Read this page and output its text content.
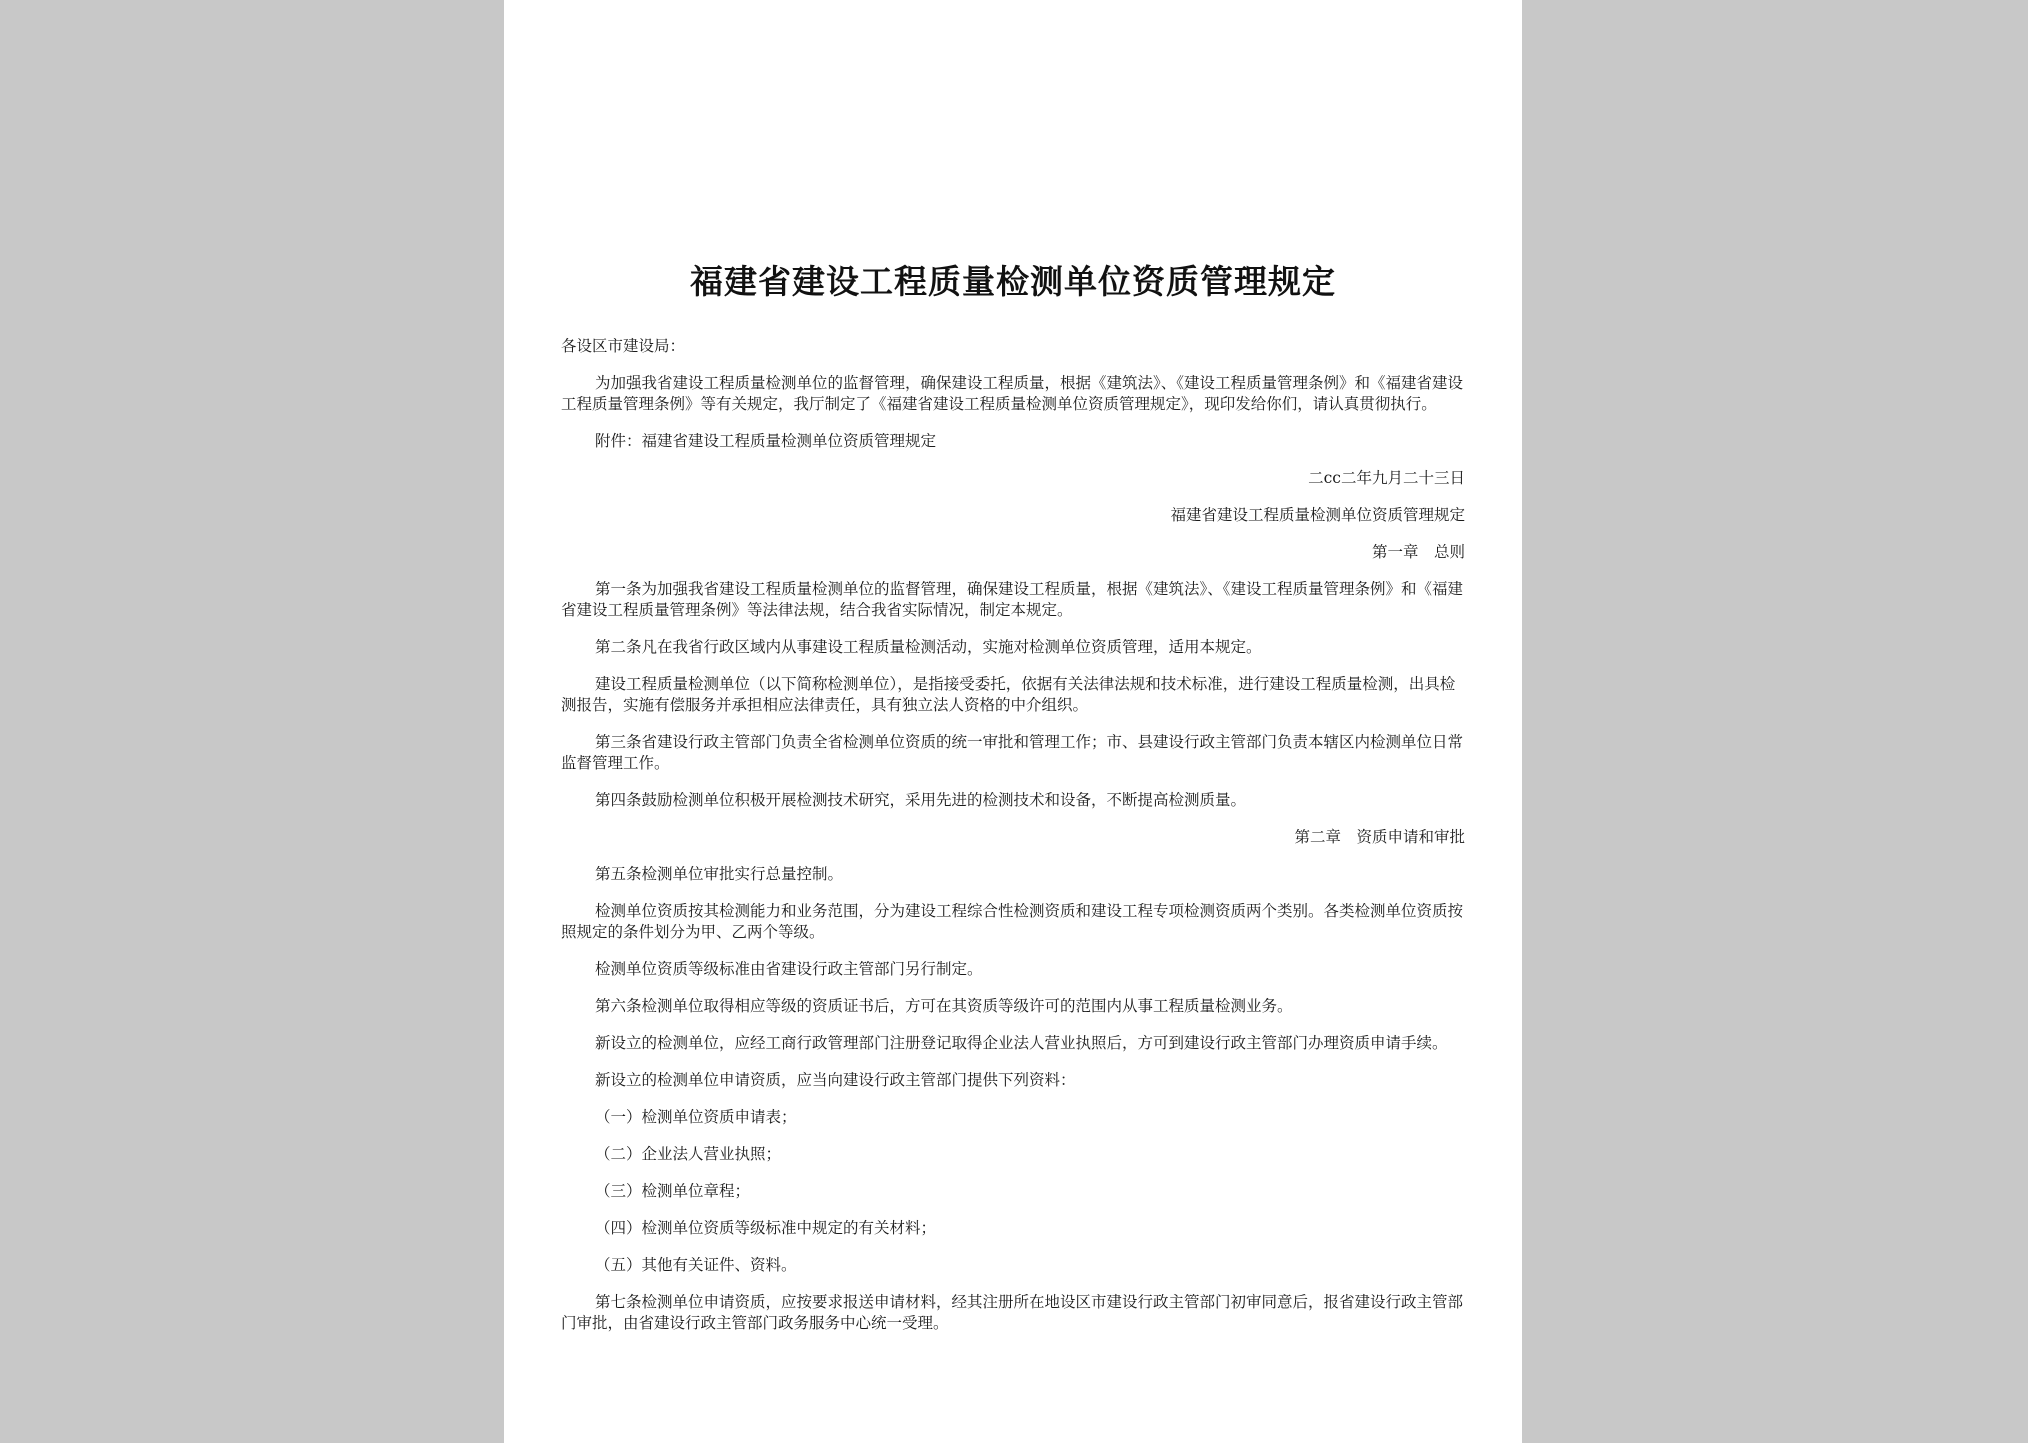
福建省建设工程质量检测单位资质管理规定

各设区市建设局：

为加强我省建设工程质量检测单位的监督管理，确保建设工程质量，根据《建筑法》、《建设工程质量管理条例》和《福建省建设工程质量管理条例》等有关规定，我厅制定了《福建省建设工程质量检测单位资质管理规定》，现印发给你们，请认真贯彻执行。

附件：福建省建设工程质量检测单位资质管理规定

二cc二年九月二十三日

福建省建设工程质量检测单位资质管理规定

第一章　总则

第一条为加强我省建设工程质量检测单位的监督管理，确保建设工程质量，根据《建筑法》、《建设工程质量管理条例》和《福建省建设工程质量管理条例》等法律法规，结合我省实际情况，制定本规定。

第二条凡在我省行政区域内从事建设工程质量检测活动，实施对检测单位资质管理，适用本规定。

建设工程质量检测单位（以下简称检测单位），是指接受委托，依据有关法律法规和技术标准，进行建设工程质量检测，出具检测报告，实施有偿服务并承担相应法律责任，具有独立法人资格的中介组织。

第三条省建设行政主管部门负责全省检测单位资质的统一审批和管理工作；市、县建设行政主管部门负责本辖区内检测单位日常监督管理工作。

第四条鼓励检测单位积极开展检测技术研究，采用先进的检测技术和设备，不断提高检测质量。

第二章　资质申请和审批

第五条检测单位审批实行总量控制。

检测单位资质按其检测能力和业务范围，分为建设工程综合性检测资质和建设工程专项检测资质两个类别。各类检测单位资质按照规定的条件划分为甲、乙两个等级。

检测单位资质等级标准由省建设行政主管部门另行制定。

第六条检测单位取得相应等级的资质证书后，方可在其资质等级许可的范围内从事工程质量检测业务。

新设立的检测单位，应经工商行政管理部门注册登记取得企业法人营业执照后，方可到建设行政主管部门办理资质申请手续。

新设立的检测单位申请资质，应当向建设行政主管部门提供下列资料：

（一）检测单位资质申请表；

（二）企业法人营业执照；

（三）检测单位章程；

（四）检测单位资质等级标准中规定的有关材料；

（五）其他有关证件、资料。

第七条检测单位申请资质，应按要求报送申请材料，经其注册所在地设区市建设行政主管部门初审同意后，报省建设行政主管部门审批，由省建设行政主管部门政务服务中心统一受理。
